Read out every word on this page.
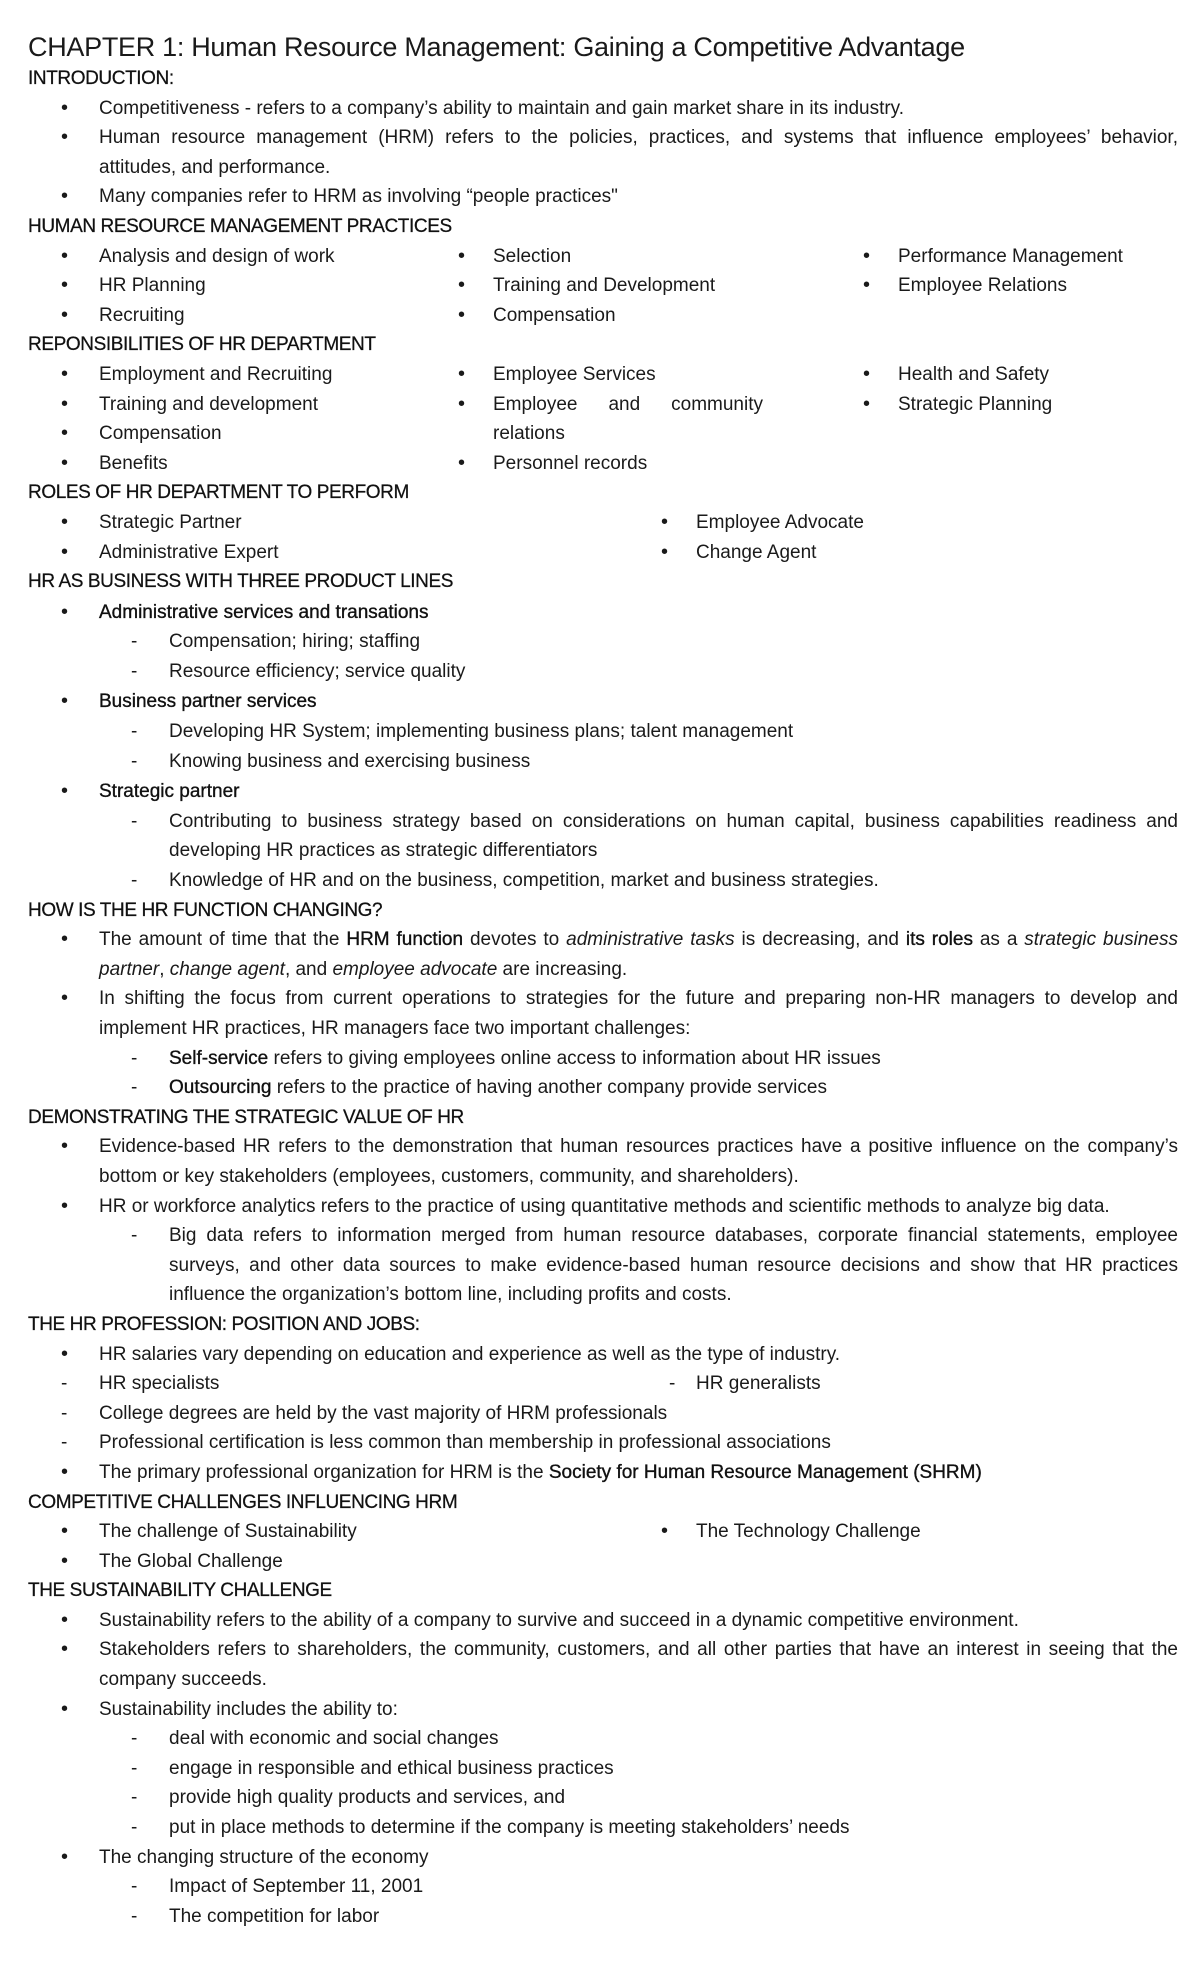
CHAPTER 1: Human Resource Management: Gaining a Competitive Advantage
INTRODUCTION:
• Competitiveness - refers to a company’s ability to maintain and gain market share in its industry.
• Human resource management (HRM) refers to the policies, practices, and systems that influence employees’ behavior, attitudes, and performance.
• Many companies refer to HRM as involving “people practices"
HUMAN RESOURCE MANAGEMENT PRACTICES
• Analysis and design of work
• HR Planning
• Recruiting
• Selection
• Training and Development
• Compensation
• Performance Management
• Employee Relations
REPONSIBILITIES OF HR DEPARTMENT
• Employment and Recruiting
• Training and development
• Compensation
• Benefits
• Employee Services
• Employee and community relations
• Personnel records
• Health and Safety
• Strategic Planning
ROLES OF HR DEPARTMENT TO PERFORM
• Strategic Partner
• Administrative Expert
• Employee Advocate
• Change Agent
HR AS BUSINESS WITH THREE PRODUCT LINES
• Administrative services and transations
- Compensation; hiring; staffing
- Resource efficiency; service quality
• Business partner services
- Developing HR System; implementing business plans; talent management
- Knowing business and exercising business
• Strategic partner
- Contributing to business strategy based on considerations on human capital, business capabilities readiness and developing HR practices as strategic differentiators
- Knowledge of HR and on the business, competition, market and business strategies.
HOW IS THE HR FUNCTION CHANGING?
• The amount of time that the HRM function devotes to administrative tasks is decreasing, and its roles as a strategic business partner, change agent, and employee advocate are increasing.
• In shifting the focus from current operations to strategies for the future and preparing non-HR managers to develop and implement HR practices, HR managers face two important challenges:
- Self-service refers to giving employees online access to information about HR issues
- Outsourcing refers to the practice of having another company provide services
DEMONSTRATING THE STRATEGIC VALUE OF HR
• Evidence-based HR refers to the demonstration that human resources practices have a positive influence on the company’s bottom or key stakeholders (employees, customers, community, and shareholders).
• HR or workforce analytics refers to the practice of using quantitative methods and scientific methods to analyze big data.
- Big data refers to information merged from human resource databases, corporate financial statements, employee surveys, and other data sources to make evidence-based human resource decisions and show that HR practices influence the organization’s bottom line, including profits and costs.
THE HR PROFESSION: POSITION AND JOBS:
• HR salaries vary depending on education and experience as well as the type of industry.
- HR specialists
-	HR generalists
- College degrees are held by the vast majority of HRM professionals
- Professional certification is less common than membership in professional associations
• The primary professional organization for HRM is the Society for Human Resource Management (SHRM)
COMPETITIVE CHALLENGES INFLUENCING HRM
• The challenge of Sustainability
• The Global Challenge
• The Technology Challenge
THE SUSTAINABILITY CHALLENGE
• Sustainability refers to the ability of a company to survive and succeed in a dynamic competitive environment.
• Stakeholders refers to shareholders, the community, customers, and all other parties that have an interest in seeing that the company succeeds.
• Sustainability includes the ability to:
- deal with economic and social changes
- engage in responsible and ethical business practices
- provide high quality products and services, and
- put in place methods to determine if the company is meeting stakeholders’ needs
• The changing structure of the economy
- Impact of September 11, 2001
- The competition for labor
